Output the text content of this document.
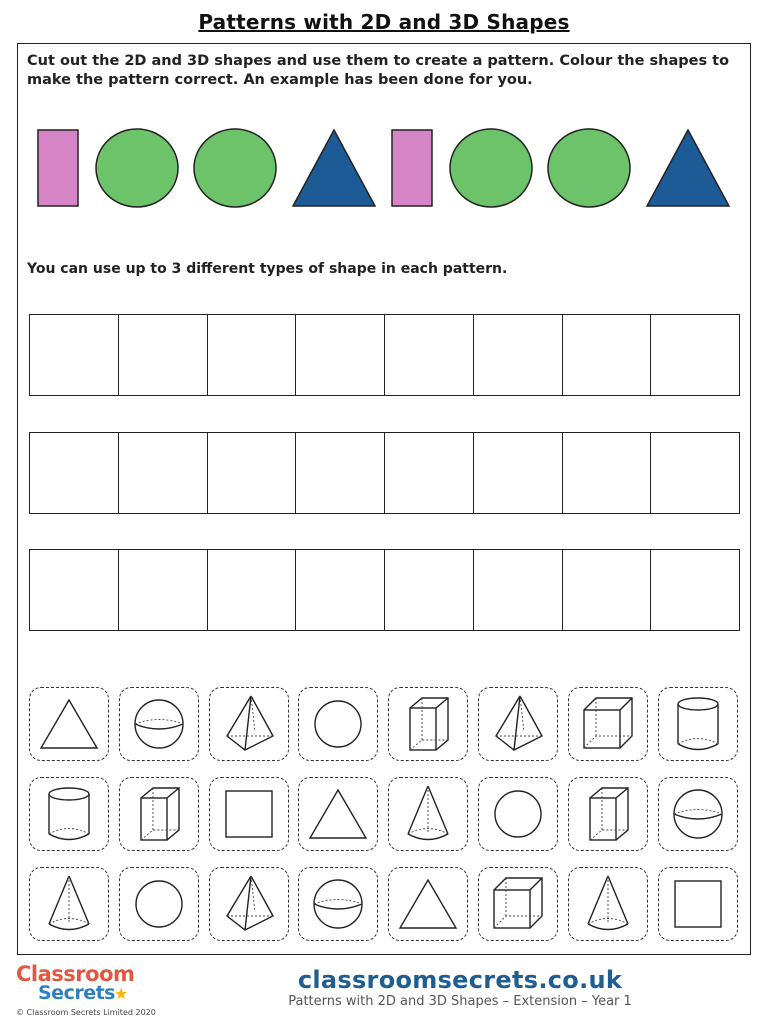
Patterns with 2D and 3D Shapes
Cut out the 2D and 3D shapes and use them to create a pattern. Colour the shapes to make the pattern correct. An example has been done for you.
You can use up to 3 different types of shape in each pattern.
Classroom
Secrets ★	classroomsecrets.co.uk
Patterns with 2D and 3D Shapes – Extension – Year 1
© Classroom Secrets Limited 2020
